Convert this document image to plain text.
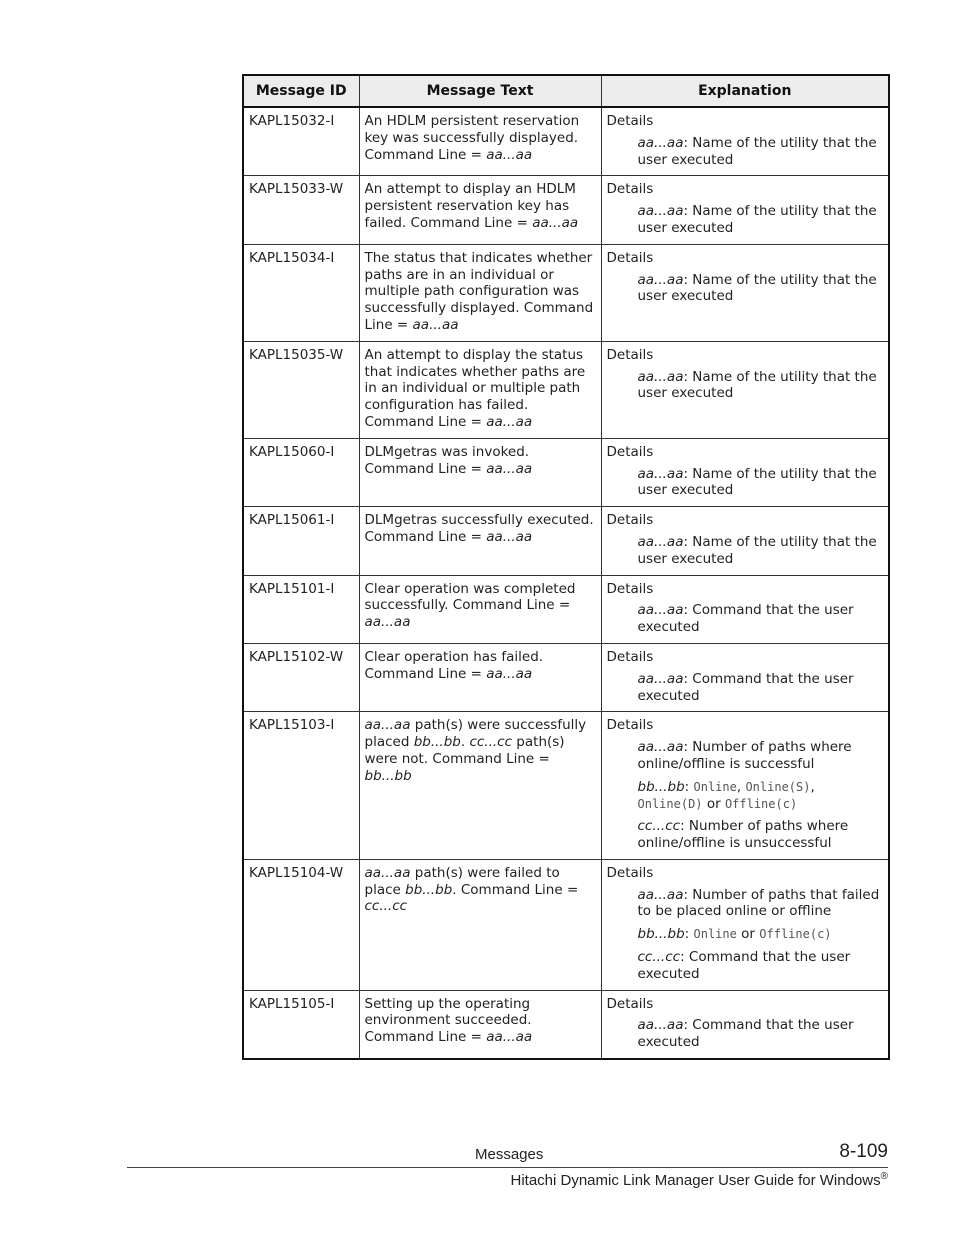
Message ID	Message Text	Explanation
KAPL15032-I	An HDLM persistent reservation key was successfully displayed. Command Line = aa...aa	Details
aa...aa: Name of the utility that the user executed

KAPL15033-W	An attempt to display an HDLM persistent reservation key has failed. Command Line = aa...aa	Details
aa...aa: Name of the utility that the user executed

KAPL15034-I	The status that indicates whether paths are in an individual or multiple path configuration was successfully displayed. Command Line = aa...aa	Details
aa...aa: Name of the utility that the user executed

KAPL15035-W	An attempt to display the status that indicates whether paths are in an individual or multiple path configuration has failed. Command Line = aa...aa	Details
aa...aa: Name of the utility that the user executed

KAPL15060-I	DLMgetras was invoked. Command Line = aa...aa	Details
aa...aa: Name of the utility that the user executed

KAPL15061-I	DLMgetras successfully executed. Command Line = aa...aa	Details
aa...aa: Name of the utility that the user executed

KAPL15101-I	Clear operation was completed successfully. Command Line = aa...aa	Details
aa...aa: Command that the user executed

KAPL15102-W	Clear operation has failed. Command Line = aa...aa	Details
aa...aa: Command that the user executed

KAPL15103-I	aa...aa path(s) were successfully placed bb...bb. cc...cc path(s) were not. Command Line = bb...bb	Details
aa...aa: Number of paths where online/offline is successful
bb...bb: Online, Online(S), Online(D) or Offline(c)
cc...cc: Number of paths where online/offline is unsuccessful

KAPL15104-W	aa...aa path(s) were failed to place bb...bb. Command Line = cc...cc	Details
aa...aa: Number of paths that failed to be placed online or offline
bb...bb: Online or Offline(c)
cc...cc: Command that the user executed

KAPL15105-I	Setting up the operating environment succeeded. Command Line = aa...aa	Details
aa...aa: Command that the user executed
Messages	8-109
Hitachi Dynamic Link Manager User Guide for Windows®
